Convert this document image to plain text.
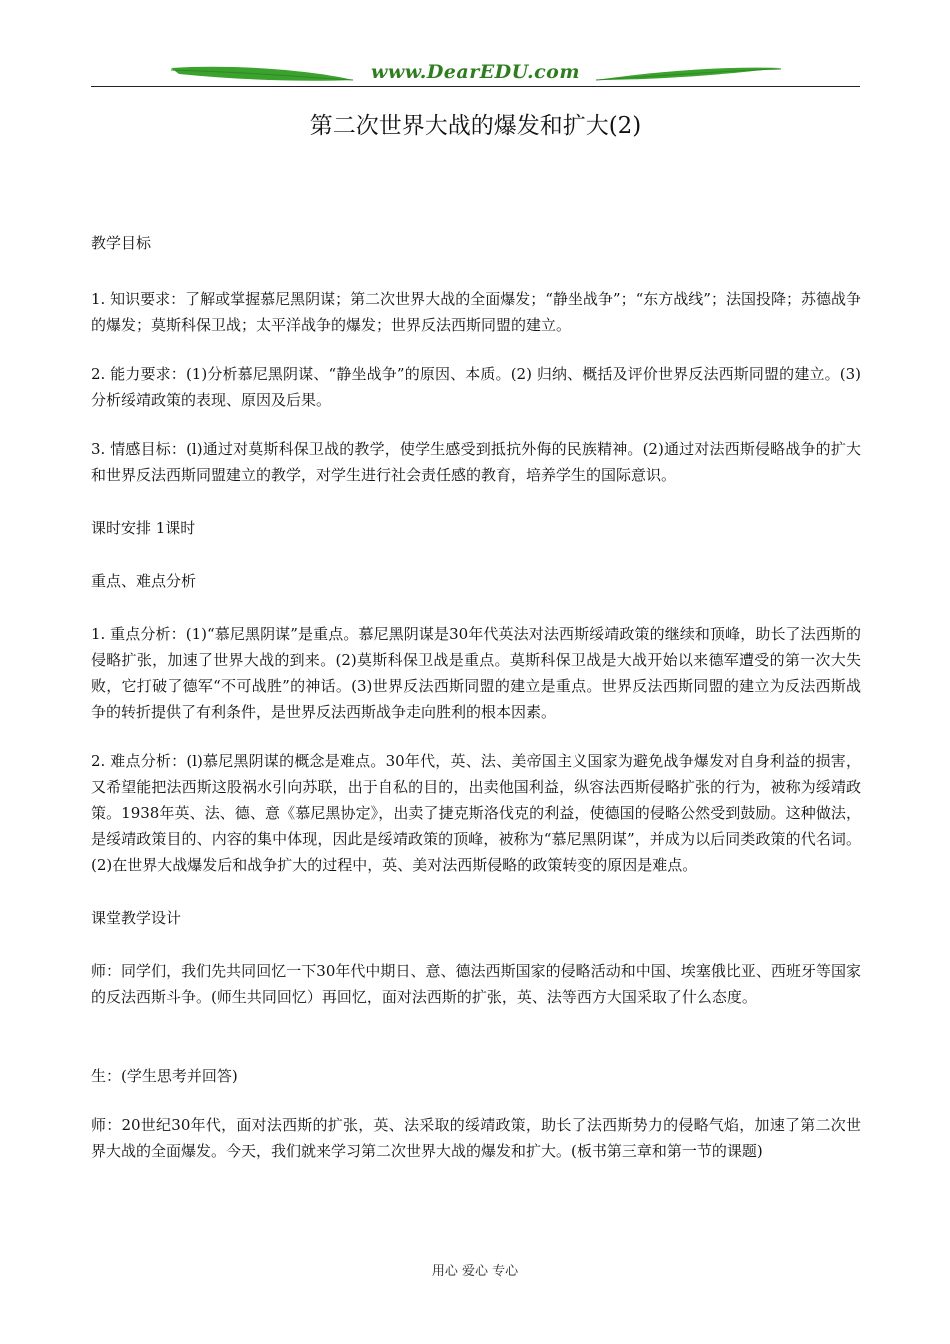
www.DearEDU.com
第二次世界大战的爆发和扩大(2)

教学目标

1. 知识要求：了解或掌握慕尼黑阴谋；第二次世界大战的全面爆发；“静坐战争”；“东方战线”；法国投降；苏德战争的爆发；莫斯科保卫战；太平洋战争的爆发；世界反法西斯同盟的建立。

2. 能力要求：(1)分析慕尼黑阴谋、“静坐战争”的原因、本质。(2) 归纳、概括及评价世界反法西斯同盟的建立。(3)分析绥靖政策的表现、原因及后果。

3. 情感目标：(l)通过对莫斯科保卫战的教学，使学生感受到抵抗外侮的民族精神。(2)通过对法西斯侵略战争的扩大和世界反法西斯同盟建立的教学，对学生进行社会责任感的教育，培养学生的国际意识。

课时安排 1课时

重点、难点分析

1. 重点分析：(1)“慕尼黑阴谋”是重点。慕尼黑阴谋是30年代英法对法西斯绥靖政策的继续和顶峰，助长了法西斯的侵略扩张，加速了世界大战的到来。(2)莫斯科保卫战是重点。莫斯科保卫战是大战开始以来德军遭受的第一次大失败，它打破了德军“不可战胜”的神话。(3)世界反法西斯同盟的建立是重点。世界反法西斯同盟的建立为反法西斯战争的转折提供了有利条件，是世界反法西斯战争走向胜利的根本因素。

2. 难点分析：(l)慕尼黑阴谋的概念是难点。30年代，英、法、美帝国主义国家为避免战争爆发对自身利益的损害，又希望能把法西斯这股祸水引向苏联，出于自私的目的，出卖他国利益，纵容法西斯侵略扩张的行为，被称为绥靖政策。1938年英、法、德、意《慕尼黑协定》，出卖了捷克斯洛伐克的利益，使德国的侵略公然受到鼓励。这种做法，是绥靖政策目的、内容的集中体现，因此是绥靖政策的顶峰，被称为“慕尼黑阴谋”，并成为以后同类政策的代名词。(2)在世界大战爆发后和战争扩大的过程中，英、美对法西斯侵略的政策转变的原因是难点。

课堂教学设计

师：同学们，我们先共同回忆一下30年代中期日、意、德法西斯国家的侵略活动和中国、埃塞俄比亚、西班牙等国家的反法西斯斗争。(师生共同回忆）再回忆，面对法西斯的扩张，英、法等西方大国采取了什么态度。

生：(学生思考并回答)

师：20世纪30年代，面对法西斯的扩张，英、法采取的绥靖政策，助长了法西斯势力的侵略气焰，加速了第二次世界大战的全面爆发。今天，我们就来学习第二次世界大战的爆发和扩大。(板书第三章和第一节的课题)

用心 爱心 专心
